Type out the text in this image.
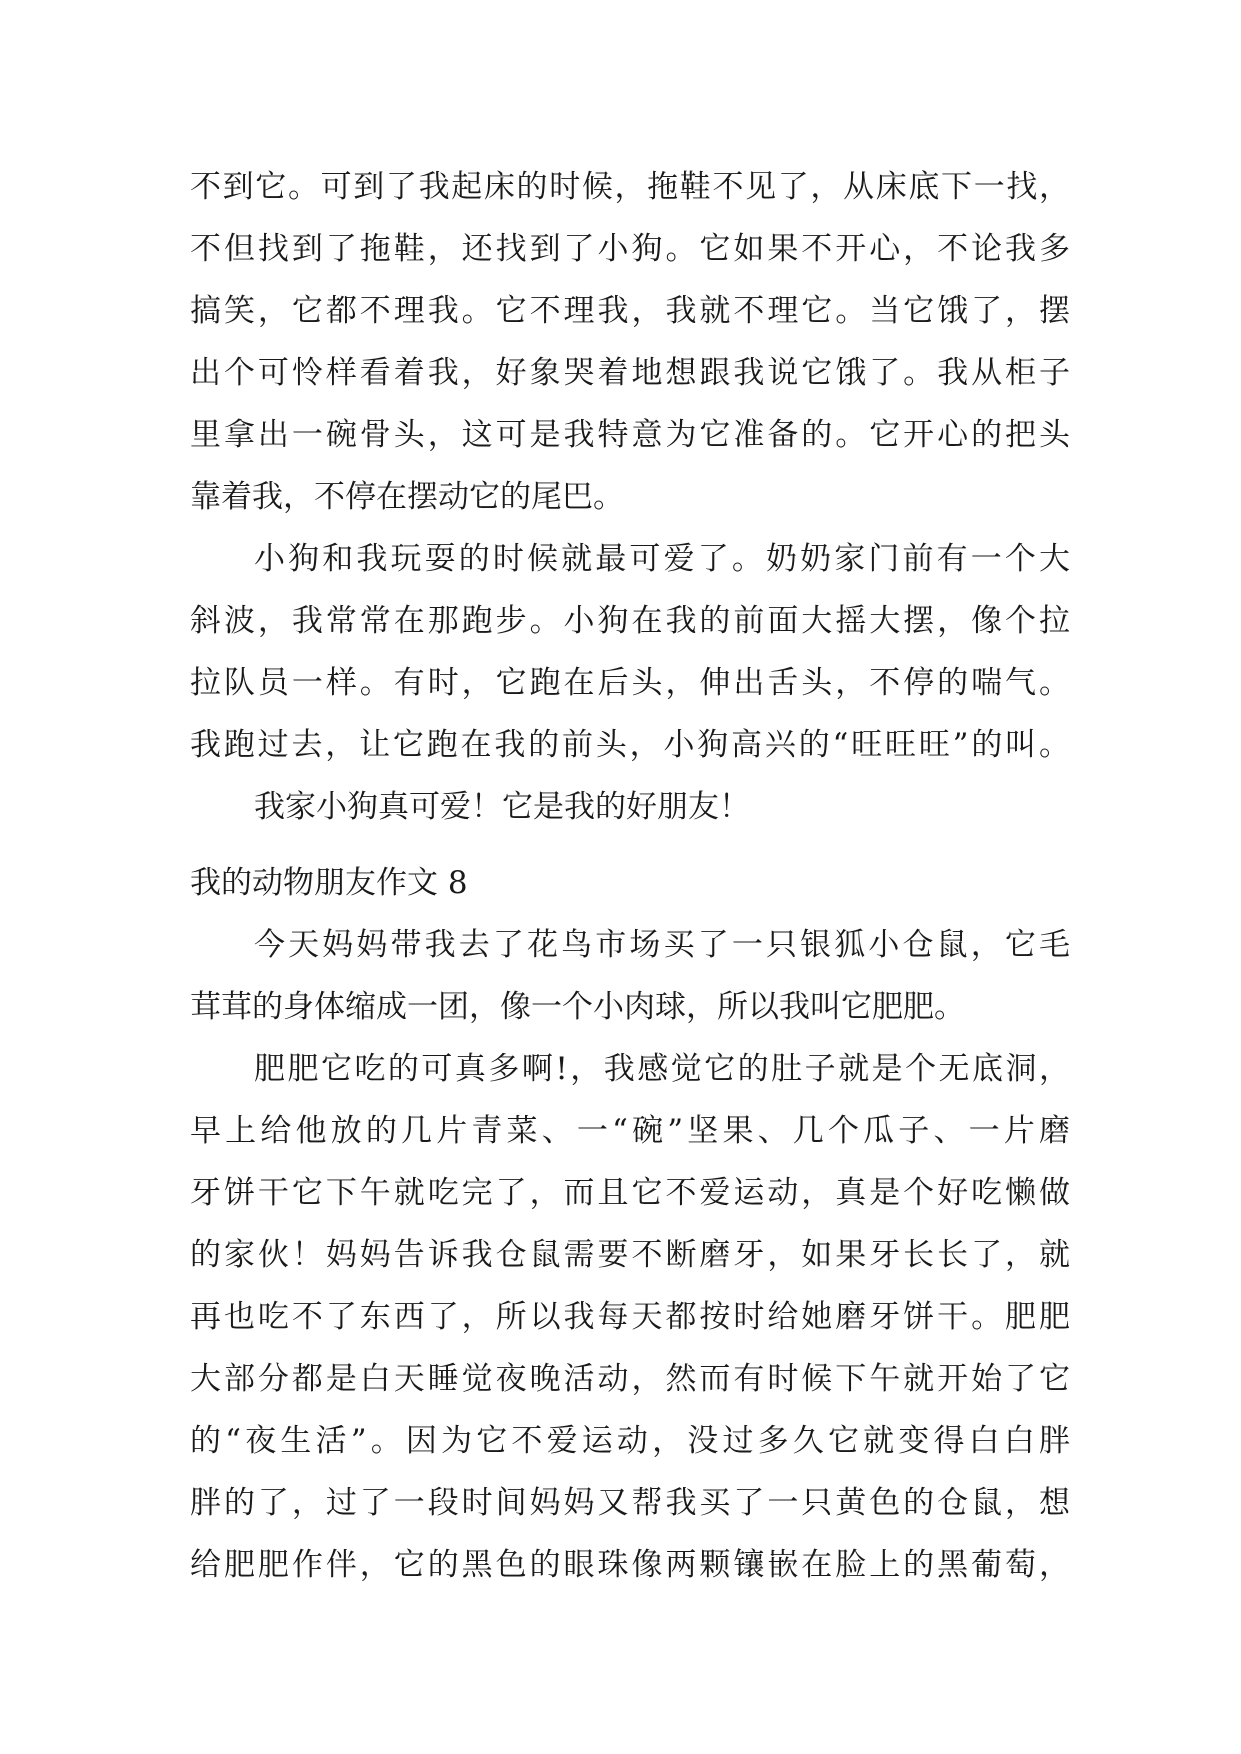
不到它。可到了我起床的时候，拖鞋不见了，从床底下一找，
不但找到了拖鞋，还找到了小狗。它如果不开心，不论我多
搞笑，它都不理我。它不理我，我就不理它。当它饿了，摆
出个可怜样看着我，好象哭着地想跟我说它饿了。我从柜子
里拿出一碗骨头，这可是我特意为它准备的。它开心的把头
靠着我，不停在摆动它的尾巴。
小狗和我玩耍的时候就最可爱了。奶奶家门前有一个大
斜波，我常常在那跑步。小狗在我的前面大摇大摆，像个拉
拉队员一样。有时，它跑在后头，伸出舌头，不停的喘气。
我跑过去，让它跑在我的前头，小狗高兴的“旺旺旺”的叫。
我家小狗真可爱！它是我的好朋友！
我的动物朋友作文 8
今天妈妈带我去了花鸟市场买了一只银狐小仓鼠，它毛
茸茸的身体缩成一团，像一个小肉球，所以我叫它肥肥。
肥肥它吃的可真多啊!，我感觉它的肚子就是个无底洞，
早上给他放的几片青菜、一“碗”坚果、几个瓜子、一片磨
牙饼干它下午就吃完了，而且它不爱运动，真是个好吃懒做
的家伙！妈妈告诉我仓鼠需要不断磨牙，如果牙长长了，就
再也吃不了东西了，所以我每天都按时给她磨牙饼干。肥肥
大部分都是白天睡觉夜晚活动，然而有时候下午就开始了它
的“夜生活”。因为它不爱运动，没过多久它就变得白白胖
胖的了，过了一段时间妈妈又帮我买了一只黄色的仓鼠，想
给肥肥作伴，它的黑色的眼珠像两颗镶嵌在脸上的黑葡萄，
